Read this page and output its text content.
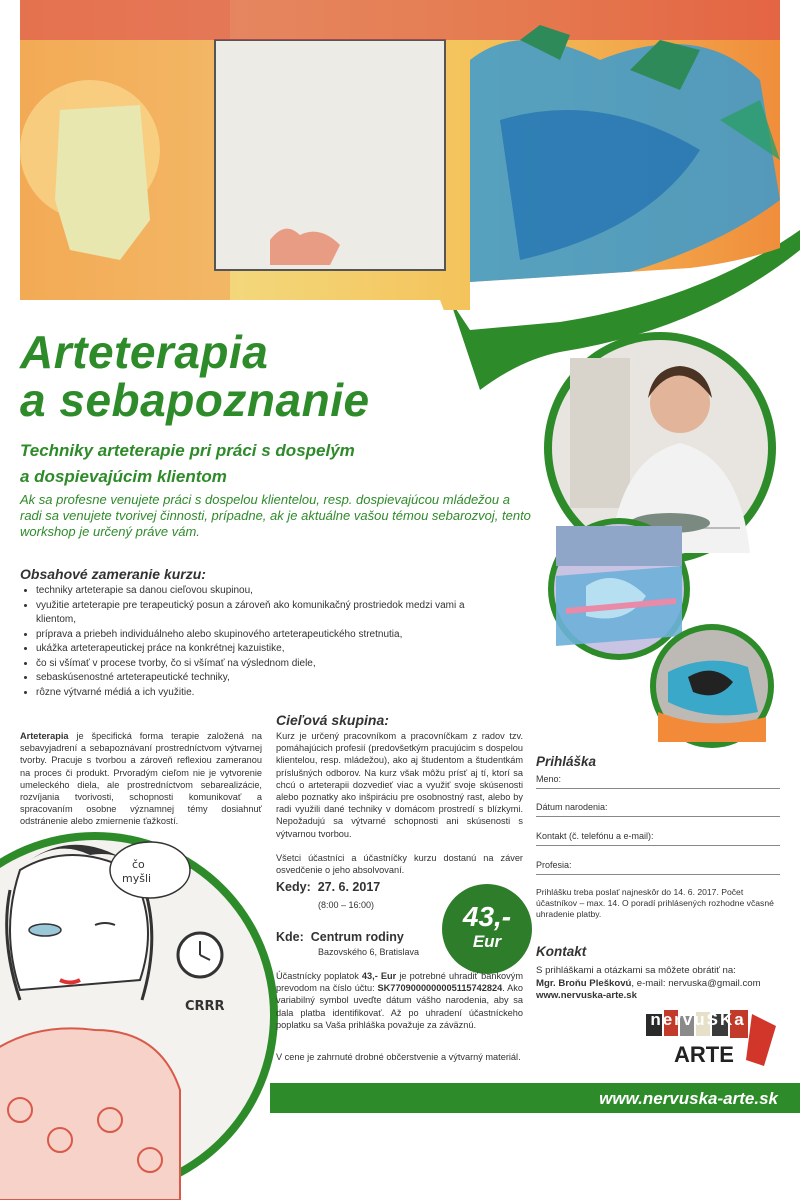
čo
myšli
CRRR
Arteterapia
a sebapoznanie
Techniky arteterapie pri práci s dospelým
a dospievajúcim klientom
Ak sa profesne venujete práci s dospelou klientelou, resp. dospievajúcou mládežou a radi sa venujete tvorivej činnosti, prípadne, ak je aktuálne vašou témou sebarozvoj, tento workshop je určený práve vám.
Obsahové zameranie kurzu:
• techniky arteterapie sa danou cieľovou skupinou,
• využitie arteterapie pre terapeutický posun a zároveň ako komunikačný prostriedok medzi vami a klientom,
• príprava a priebeh individuálneho alebo skupinového arteterapeutického stretnutia,
• ukážka arteterapeutickej práce na konkrétnej kazuistike,
• čo si všímať v procese tvorby, čo si všímať na výslednom diele,
• sebaskúsenostné arteterapeutické techniky,
• rôzne výtvarné médiá a ich využitie.
Arteterapia je špecifická forma terapie založená na sebavyjadrení a sebapoznávaní prostredníctvom výtvarnej tvorby. Pracuje s tvorbou a zároveň reflexiou zameranou na proces či produkt. Prvoradým cieľom nie je vytvorenie umeleckého diela, ale prostredníctvom sebarealizácie, rozvíjania tvorivosti, schopnosti komunikovať a spracovaním osobne významnej témy dosiahnuť odstránenie alebo zmiernenie ťažkostí.
Cieľová skupina:
Kurz je určený pracovníkom a pracovníčkam z radov tzv. pomáhajúcich profesií (predovšetkým pracujúcim s dospelou klientelou, resp. mládežou), ako aj študentom a študentkám príslušných odborov. Na kurz však môžu prísť aj tí, ktorí sa chcú o arteterapii dozvedieť viac a využiť svoje skúsenosti alebo poznatky ako inšpiráciu pre osobnostný rast, alebo by radi využili dané techniky v domácom prostredí s blízkymi. Nepožadujú sa výtvarné schopnosti ani skúsenosti s výtvarnou tvorbou.
Všetci účastníci a účastníčky kurzu dostanú na záver osvedčenie o jeho absolvovaní.
Kedy: 27. 6. 2017
(8:00 – 16:00)
Kde: Centrum rodiny
Bazovského 6, Bratislava
43,-
Eur
Účastnícky poplatok 43,- Eur je potrebné uhradiť bankovým prevodom na číslo účtu: SK7709000000005115742824. Ako variabilný symbol uveďte dátum vášho narodenia, aby sa dala platba identifikovať. Až po uhradení účastníckeho poplatku sa Vaša prihláška považuje za záväznú.
V cene je zahrnuté drobné občerstvenie a výtvarný materiál.
Prihláška
Meno:
Dátum narodenia:
Kontakt (č. telefónu a e-mail):
Profesia:
Prihlášku treba poslať najneskôr do 14. 6. 2017. Počet účastníkov – max. 14. O poradí prihlásených rozhodne včasné uhradenie platby.
Kontakt
S prihláškami a otázkami sa môžete obrátiť na:
Mgr. Broňu Pleškovú, e-mail: nervuska@gmail.com
www.nervuska-arte.sk
nervuŠKa
ARTE
www.nervuska-arte.sk
